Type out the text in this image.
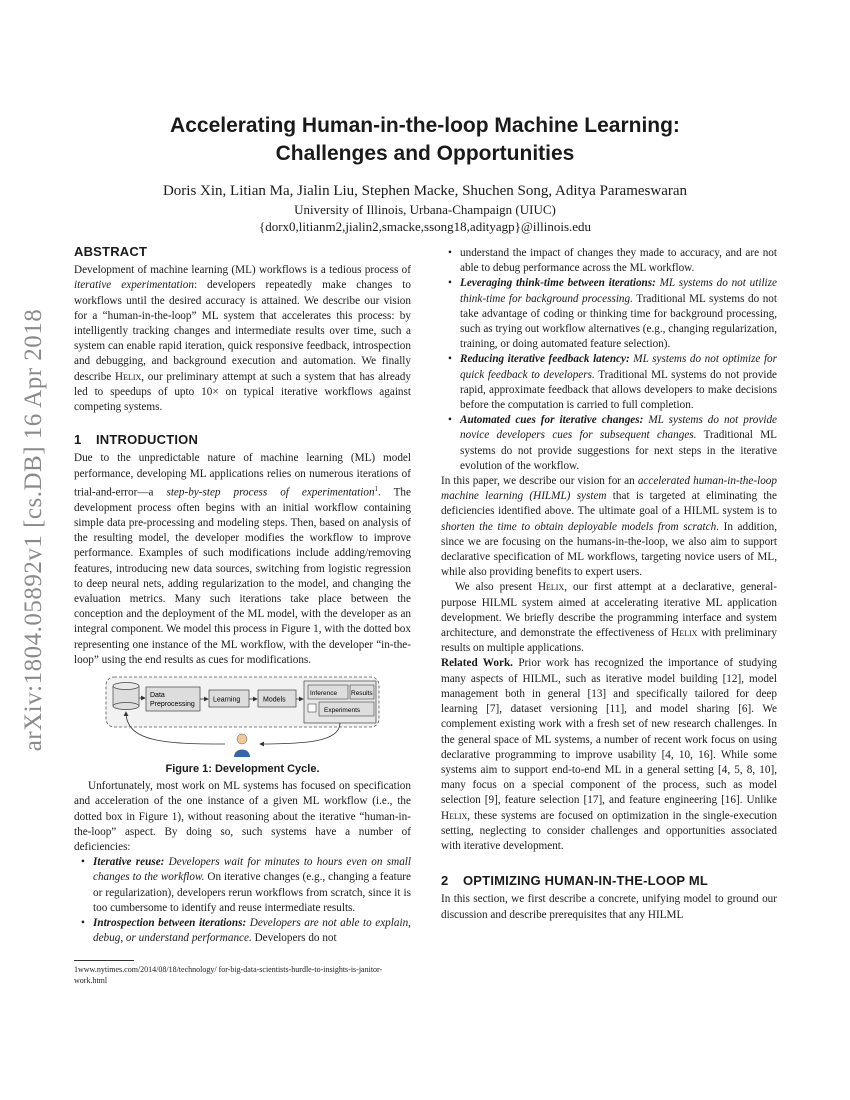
arXiv:1804.05892v1 [cs.DB] 16 Apr 2018
Accelerating Human-in-the-loop Machine Learning:
Challenges and Opportunities
Doris Xin, Litian Ma, Jialin Liu, Stephen Macke, Shuchen Song, Aditya Parameswaran
University of Illinois, Urbana-Champaign (UIUC)
{dorx0,litianm2,jialin2,smacke,ssong18,adityagp}@illinois.edu
ABSTRACT

Development of machine learning (ML) workflows is a tedious process of iterative experimentation: developers repeatedly make changes to workflows until the desired accuracy is attained. We describe our vision for a “human-in-the-loop” ML system that accelerates this process: by intelligently tracking changes and intermediate results over time, such a system can enable rapid iteration, quick responsive feedback, introspection and debugging, and background execution and automation. We finally describe Helix, our preliminary attempt at such a system that has already led to speedups of upto 10× on typical iterative workflows against competing systems.

1 INTRODUCTION

Due to the unpredictable nature of machine learning (ML) model performance, developing ML applications relies on numerous iterations of trial-and-error—a step-by-step process of experimentation$^1$. The development process often begins with an initial workflow containing simple data pre-processing and modeling steps. Then, based on analysis of the resulting model, the developer modifies the workflow to improve performance. Examples of such modifications include adding/removing features, introducing new data sources, switching from logistic regression to deep neural nets, adding regularization to the model, and changing the evaluation metrics. Many such iterations take place between the conception and the deployment of the ML model, with the developer as an integral component. We model this process in Figure 1, with the dotted box representing one instance of the ML workflow, with the developer “in-the-loop” using the end results as cues for modifications.

Data
Preprocessing
Learning	Models
Inference Results
Experiments
Figure 1: Development Cycle.

Unfortunately, most work on ML systems has focused on specification and acceleration of the one instance of a given ML workflow (i.e., the dotted box in Figure 1), without reasoning about the iterative “human-in-the-loop” aspect. By doing so, such systems have a number of deficiencies:

• Iterative reuse: Developers wait for minutes to hours even on small changes to the workflow. On iterative changes (e.g., changing a feature or regularization), developers rerun workflows from scratch, since it is too cumbersome to identify and reuse intermediate results.
• Introspection between iterations: Developers are not able to explain, debug, or understand performance. Developers do not
1www.nytimes.com/2014/08/18/technology/ for-big-data-scientists-hurdle-to-insights-is-janitor-work.html
• understand the impact of changes they made to accuracy, and are not able to debug performance across the ML workflow.
• Leveraging think-time between iterations: ML systems do not utilize think-time for background processing. Traditional ML systems do not take advantage of coding or thinking time for background processing, such as trying out workflow alternatives (e.g., changing regularization, training, or doing automated feature selection).
• Reducing iterative feedback latency: ML systems do not optimize for quick feedback to developers. Traditional ML systems do not provide rapid, approximate feedback that allows developers to make decisions before the computation is carried to full completion.
• Automated cues for iterative changes: ML systems do not provide novice developers cues for subsequent changes. Traditional ML systems do not provide suggestions for next steps in the iterative evolution of the workflow.

In this paper, we describe our vision for an accelerated human-in-the-loop machine learning (HILML) system that is targeted at eliminating the deficiencies identified above. The ultimate goal of a HILML system is to shorten the time to obtain deployable models from scratch. In addition, since we are focusing on the humans-in-the-loop, we also aim to support declarative specification of ML workflows, targeting novice users of ML, while also providing benefits to expert users.

We also present Helix, our first attempt at a declarative, general-purpose HILML system aimed at accelerating iterative ML application development. We briefly describe the programming interface and system architecture, and demonstrate the effectiveness of Helix with preliminary results on multiple applications.

Related Work. Prior work has recognized the importance of studying many aspects of HILML, such as iterative model building [12], model management both in general [13] and specifically tailored for deep learning [7], dataset versioning [11], and model sharing [6]. We complement existing work with a fresh set of new research challenges. In the general space of ML systems, a number of recent work focus on using declarative programming to improve usability [4, 10, 16]. While some systems aim to support end-to-end ML in a general setting [4, 5, 8, 10], many focus on a special component of the process, such as model selection [9], feature selection [17], and feature engineering [16]. Unlike Helix, these systems are focused on optimization in the single-execution setting, neglecting to consider challenges and opportunities associated with iterative development.

2 OPTIMIZING HUMAN-IN-THE-LOOP ML

In this section, we first describe a concrete, unifying model to ground our discussion and describe prerequisites that any HILML
